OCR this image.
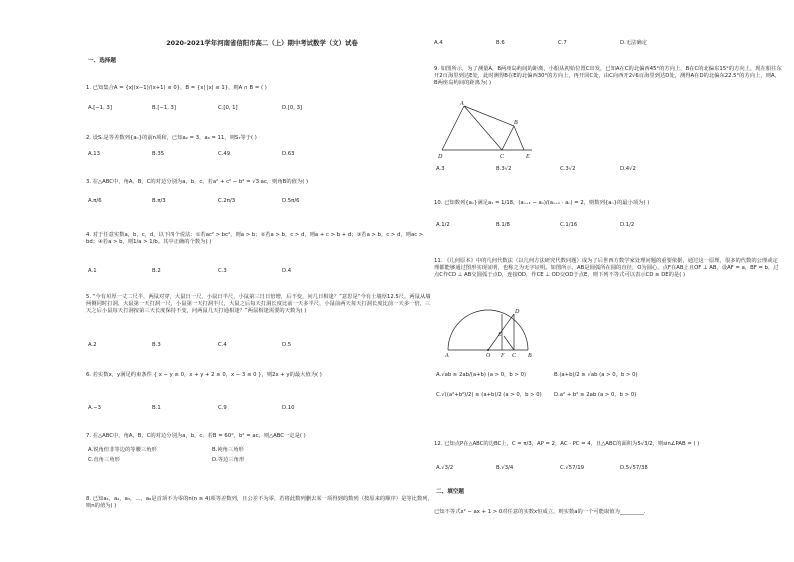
2020-2021学年河南省信阳市高二（上）期中考试数学（文）试卷
一、选择题
1. 已知集合A = {x|(x−1)/(x+1) ≤ 0}，B = {x| |x| ≤ 1}，则A ∩ B = ( )
A.[−1, 3]	B.[−1, 3]	C.[0, 1]	D.[0, 3]
2. 设Sₙ是等差数列{aₙ}的前n项和，已知a₂ = 3，a₆ = 11，则S₇等于( )
A.13	B.35	C.49	D.63
3. 在△ABC中，角A，B，C的对边分别为a，b，c，若a² + c² − b² = √3 ac，则角B的值为( )
A.π/6	B.π/3	C.2π/3	D.5π/6
4. 对于任意实数a，b，c，d，以下四个说法：①若ac² > bc²，则a > b；②若a > b，c > d，则a + c > b + d；③若a > b，c > d，则ac > bd；④若a > b，则1/a > 1/b。其中正确的个数为( )
A.1	B.2	C.3	D.4
5. “今有垣厚一丈二尺半，两鼠对穿，大鼠日一尺，小鼠日半尺，小鼠第三日日倍增，后不变，问几日相逢？”意思是“今有土墙厚12.5尺，两鼠从墙两侧同时打洞，大鼠第一天打洞一尺，小鼠第一天打洞半尺，大鼠之后每天打洞长度比前一天多半尺，小鼠前两天每天打洞长度比前一天多一倍，三天之后小鼠每天打洞按第三天长度保持不变，问两鼠几天打通相逢？”两鼠相逢需要的天数为( )
A.2	B.3	C.4	D.5
6. 若实数x，y满足约束条件 { x − y ≥ 0，x + y + 2 ≥ 0，x − 3 ≤ 0 }，则2x + y的最大值为( )
A.−3	B.1	C.9	D.10
7. 在△ABC中，角A，B，C的对边分别为a，b，c，若B = 60°，b² = ac，则△ABC一定是( )
A.锐角但非等边的等腰三角形	B.钝角三角形
C.直角三角形	D.等边三角形
8. 已知a₁，a₂，a₃，…，a₈是首项不为零的n(n ≥ 4)项等差数列，且公差不为零，若将此数列删去某一项得到的数列（按原来的顺序）是等比数列，则n的值为( )
A.4	B.6	C.7	D.无法确定
9. 如图所示，为了测量A，B两座岛屿间的距离，小船从初始位置C出发，已知A在C的北偏西45°的方向上，B在C的北偏东15°的方向上，现在船往东开2百海里到达E处，此时测得B在E的北偏西30°的方向上，再开回C处，由C向西开2√6百海里到达D处，测得A在D的北偏东22.5°的方向上，则A，B两座岛屿间的距离为( )
A
B
D	C	E
A.3	B.3√2	C.3√2	D.4√2
10. 已知数列{aₙ}满足a₁ = 1/18，(aₙ₊₁ − aₙ)/(aₙ₊₁ · aₙ) = 2，则数列{aₙ}的最小项为( )
A.1/2	B.1/8	C.1/16	D.1/2
11. 《几何原本》中的几何代数法（以几何方法研究代数问题）成为了后世西方数学家处理问题的重要依据，通过这一原理，很多的代数的公理或定理都能够通过图形实现证明，也称之为无字证明。如图所示，AB是圆弧所在圆的直径，O为圆心，点F在AB上且OF ⊥ AB，设AF = a，BF = b，过点C作CD ⊥ AB交圆弧于点D，连接OD，作CE ⊥ OD交OD于点E，则下列不等式可以表示CD ≥ DE的是( )
D
E
A	O F C B
A.√ab ≥ 2ab/(a+b) (a > 0，b > 0)	B.(a+b)/2 ≥ √ab (a > 0，b > 0)
C.√((a²+b²)/2) ≥ (a+b)/2 (a > 0，b > 0) D.a² + b² ≥ 2ab (a > 0，b > 0)
12. 已知点P在△ABC的边BC上，C = π/3，AP = 2，AC · PC = 4，且△ABC的面积为5√3/2，则sin∠PAB = ( )
A.√3/2	B.√3/4	C.√57/19	D.5√57/38
二、填空题
已知不等式x² − ax + 1 > 0对任意的实数x恒成立，则实数a的一个可能取值为_________.
